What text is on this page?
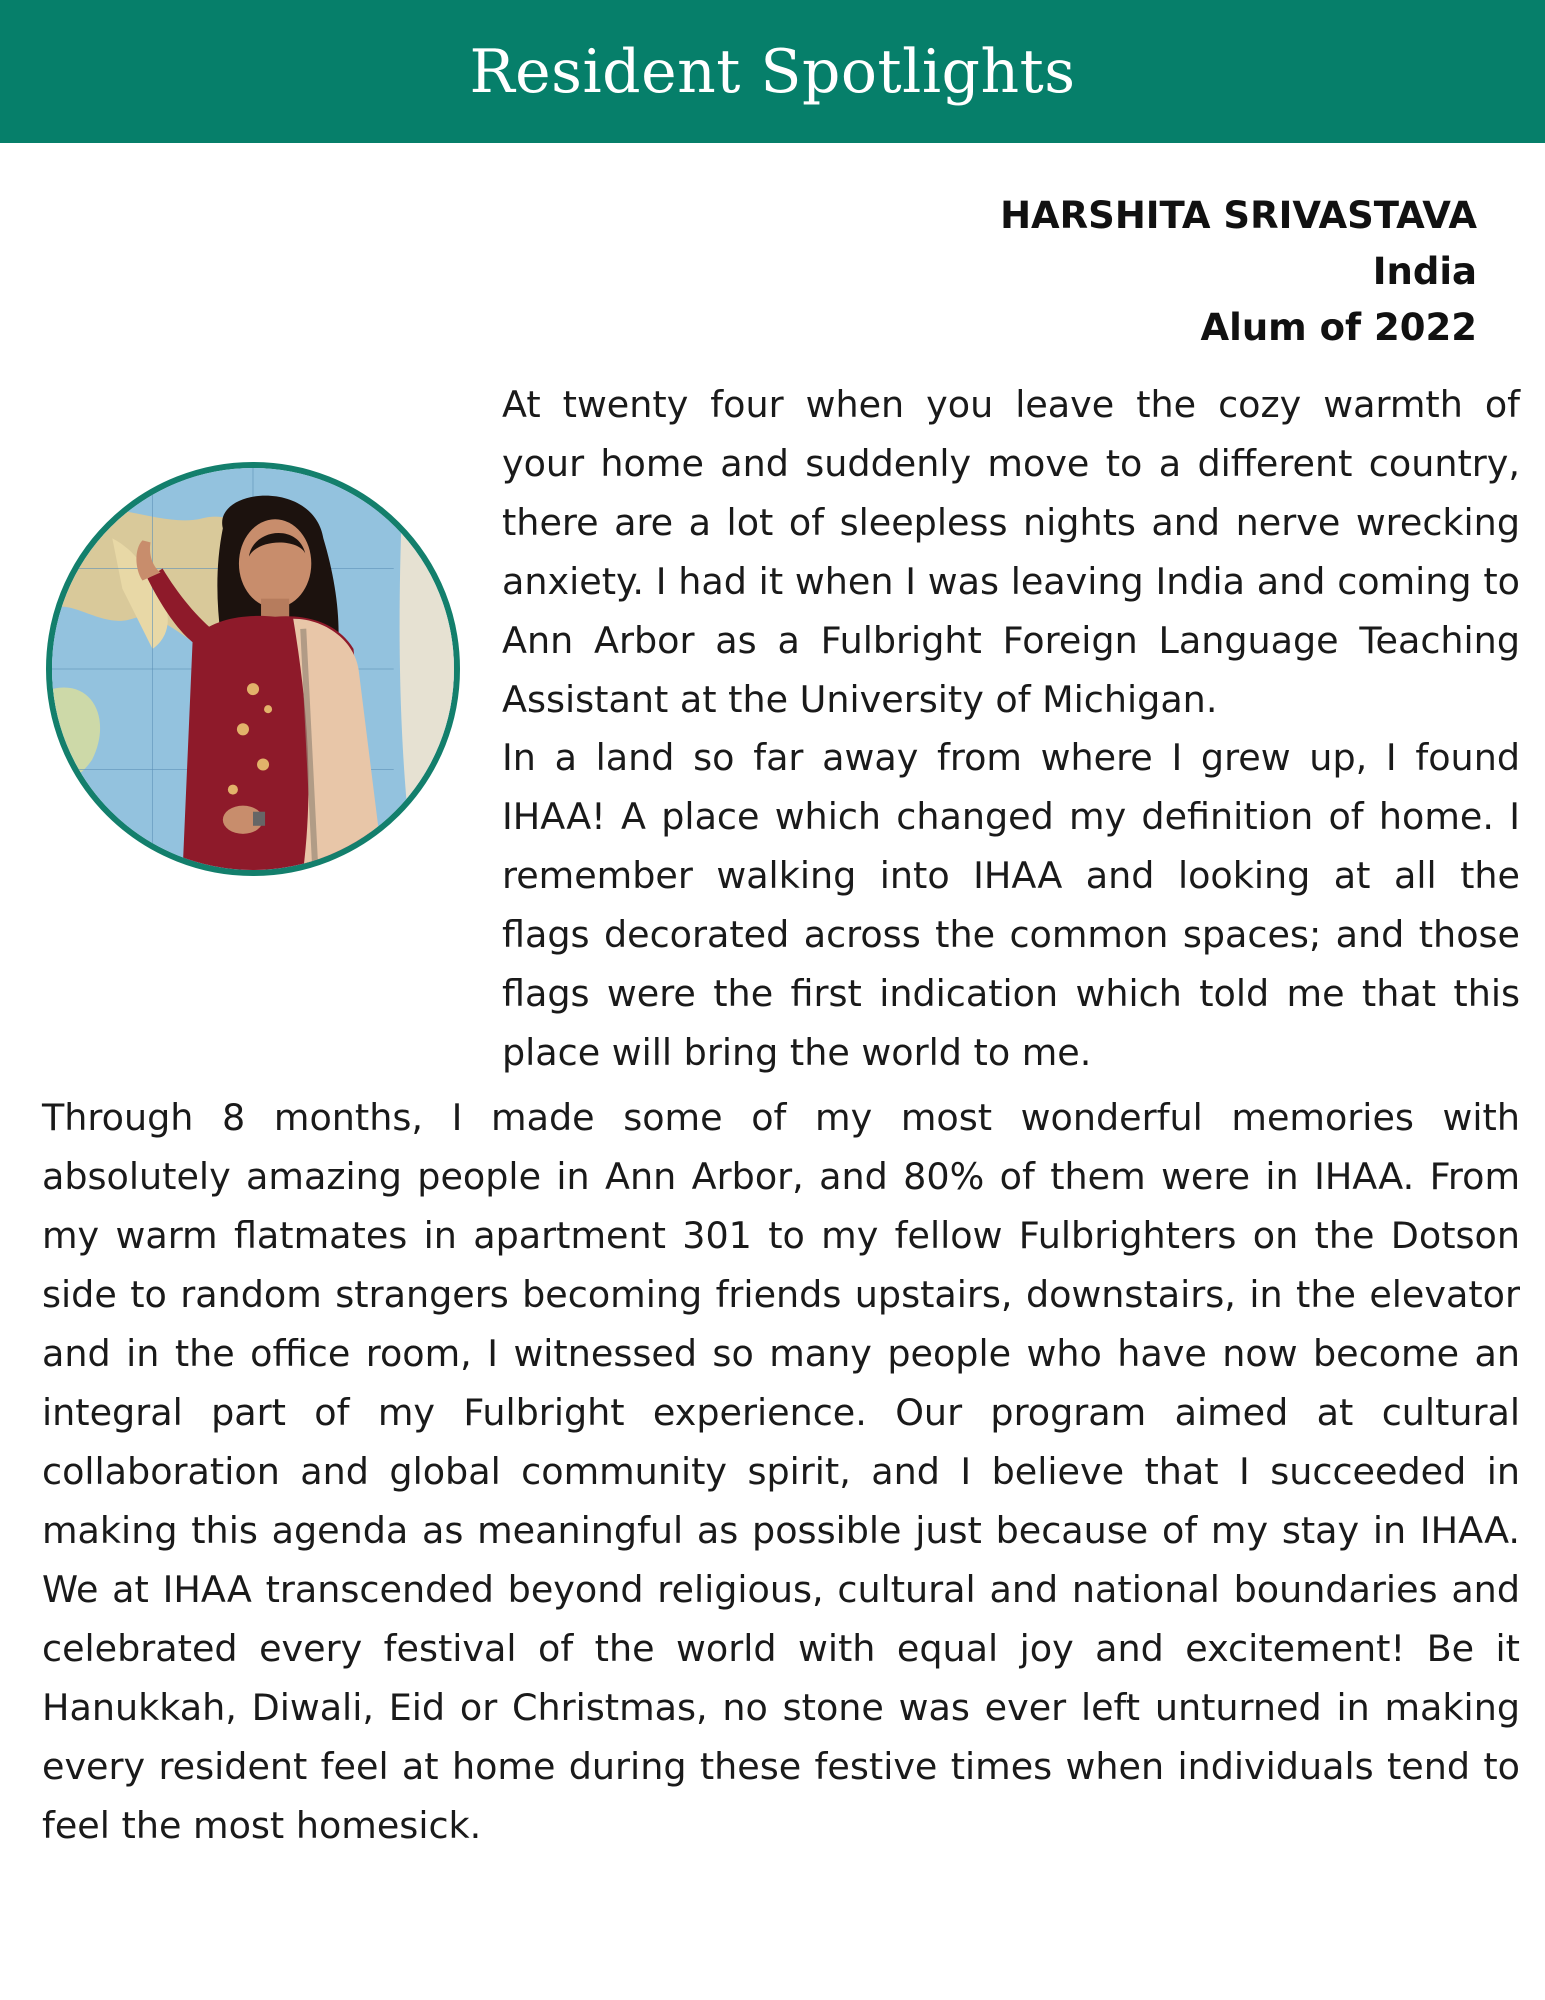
Resident Spotlights
HARSHITA SRIVASTAVA
India
Alum of 2022

At twenty four when you leave the cozy warmth of your home and suddenly move to a different country, there are a lot of sleepless nights and nerve wrecking anxiety. I had it when I was leaving India and coming to Ann Arbor as a Fulbright Foreign Language Teaching Assistant at the University of Michigan.

In a land so far away from where I grew up, I found IHAA! A place which changed my definition of home. I remember walking into IHAA and looking at all the flags decorated across the common spaces; and those flags were the first indication which told me that this place will bring the world to me.

Through 8 months, I made some of my most wonderful memories with absolutely amazing people in Ann Arbor, and 80% of them were in IHAA. From my warm flatmates in apartment 301 to my fellow Fulbrighters on the Dotson side to random strangers becoming friends upstairs, downstairs, in the elevator and in the office room, I witnessed so many people who have now become an integral part of my Fulbright experience. Our program aimed at cultural collaboration and global community spirit, and I believe that I succeeded in making this agenda as meaningful as possible just because of my stay in IHAA. We at IHAA transcended beyond religious, cultural and national boundaries and celebrated every festival of the world with equal joy and excitement! Be it Hanukkah, Diwali, Eid or Christmas, no stone was ever left unturned in making every resident feel at home during these festive times when individuals tend to feel the most homesick.
